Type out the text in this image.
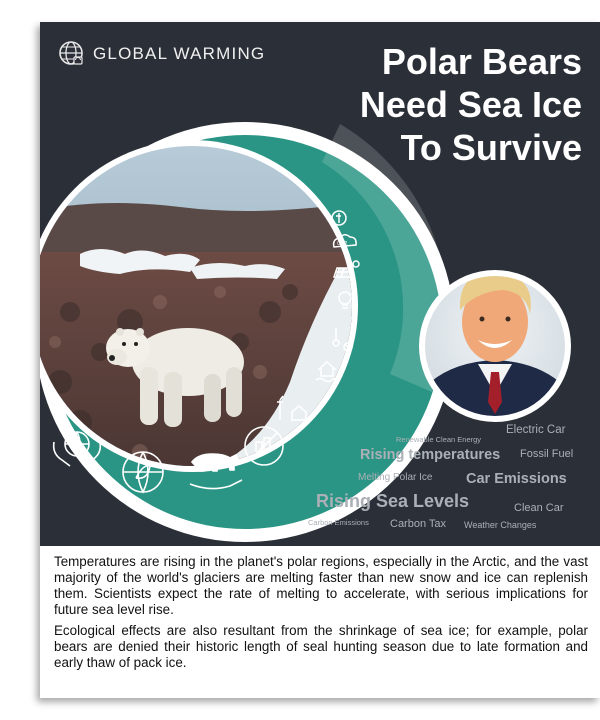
GLOBAL WARMING	Polar Bears Need Sea Ice To Survive
CO2
Renewable Clean Energy
Electric Car
Rising temperatures Fossil Fuel
Melting Polar Ice Car Emissions
Rising Sea Levels	Clean Car
Carbon Emissions Carbon Tax Weather Changes

Temperatures are rising in the planet's polar regions, especially in the Arctic, and the vast majority of the world's glaciers are melting faster than new snow and ice can replenish them. Scientists expect the rate of melting to accelerate, with serious implications for future sea level rise.

Ecological effects are also resultant from the shrinkage of sea ice; for example, polar bears are denied their historic length of seal hunting season due to late formation and early thaw of pack ice.
